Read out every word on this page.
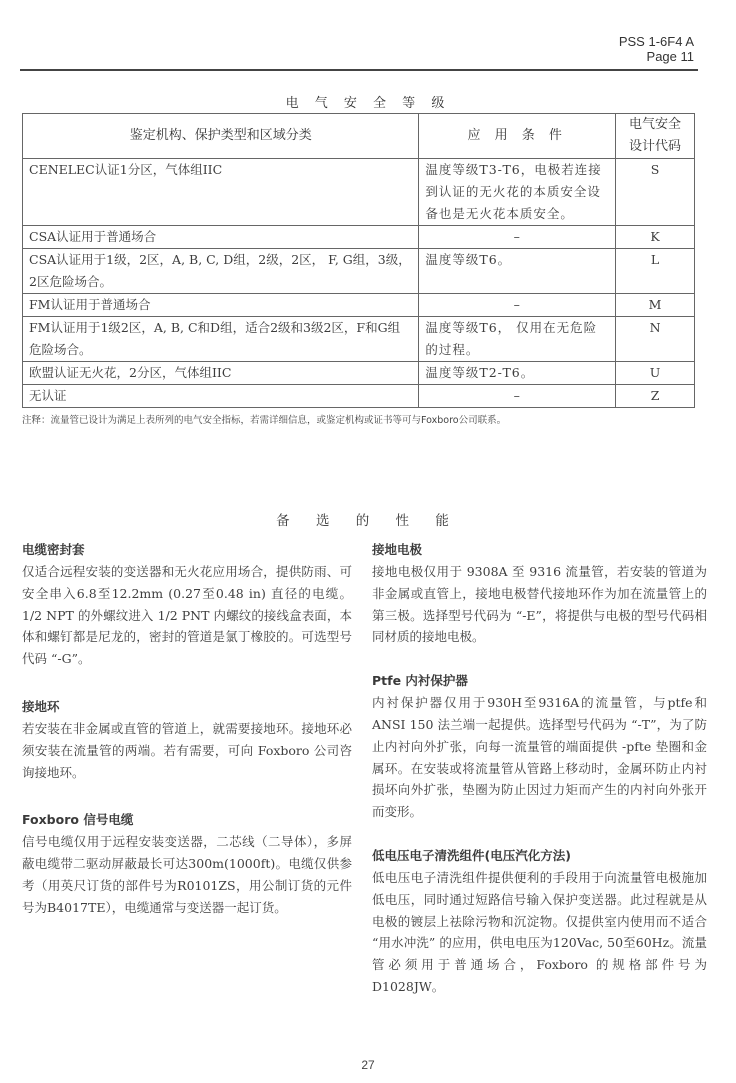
PSS 1-6F4 A
Page 11
电 气 安 全 等 级
鉴定机构、保护类型和区域分类	应 用 条 件	电气安全
设计代码

CENELEC认证1分区，气体组IIC	温度等级T3-T6，电极若连接到认证的无火花的本质安全设备也是无火花本质安全。	S
CSA认证用于普通场合	–	K
CSA认证用于1级，2区，A, B, C, D组，2级，2区， F, G组，3级，2区危险场合。	温度等级T6。	L
FM认证用于普通场合	–	M
FM认证用于1级2区，A, B, C和D组，适合2级和3级2区，F和G组危险场合。	温度等级T6， 仅用在无危险的过程。	N
欧盟认证无火花，2分区，气体组IIC	温度等级T2-T6。	U
无认证	–	Z
注释：流量管已设计为满足上表所列的电气安全指标，若需详细信息，或鉴定机构或证书等可与Foxboro公司联系。
备 选 的 性 能
电缆密封套

仅适合远程安装的变送器和无火花应用场合，提供防雨、可安全串入6.8至12.2mm (0.27至0.48 in) 直径的电缆。1/2 NPT 的外螺纹进入 1/2 PNT 内螺纹的接线盒表面，本体和螺钉都是尼龙的，密封的管道是氯丁橡胶的。可选型号代码 “-G”。

接地环

若安装在非金属或直管的管道上，就需要接地环。接地环必须安装在流量管的两端。若有需要，可向 Foxboro 公司咨询接地环。

Foxboro 信号电缆

信号电缆仅用于远程安装变送器，二芯线（二导体），多屏蔽电缆带二驱动屏蔽最长可达300m(1000ft)。电缆仅供参考（用英尺订货的部件号为R0101ZS，用公制订货的元件号为B4017TE），电缆通常与变送器一起订货。

接地电极

接地电极仅用于 9308A 至 9316 流量管，若安装的管道为非金属或直管上，接地电极替代接地环作为加在流量管上的第三极。选择型号代码为 “-E”，将提供与电极的型号代码相同材质的接地电极。

Ptfe 内衬保护器

内衬保护器仅用于930H至9316A的流量管，与ptfe和 ANSI 150 法兰端一起提供。选择型号代码为 “-T”，为了防止内衬向外扩张，向每一流量管的端面提供 -pfte 垫圈和金属环。在安装或将流量管从管路上移动时，金属环防止内衬损坏向外扩张，垫圈为防止因过力矩而产生的内衬向外张开而变形。

低电压电子清洗组件(电压汽化方法)

低电压电子清洗组件提供便利的手段用于向流量管电极施加低电压，同时通过短路信号输入保护变送器。此过程就是从电极的镀层上祛除污物和沉淀物。仅提供室内使用而不适合 “用水冲洗” 的应用，供电电压为120Vac, 50至60Hz。流量管必须用于普通场合，Foxboro 的规格部件号为 D1028JW。

27
